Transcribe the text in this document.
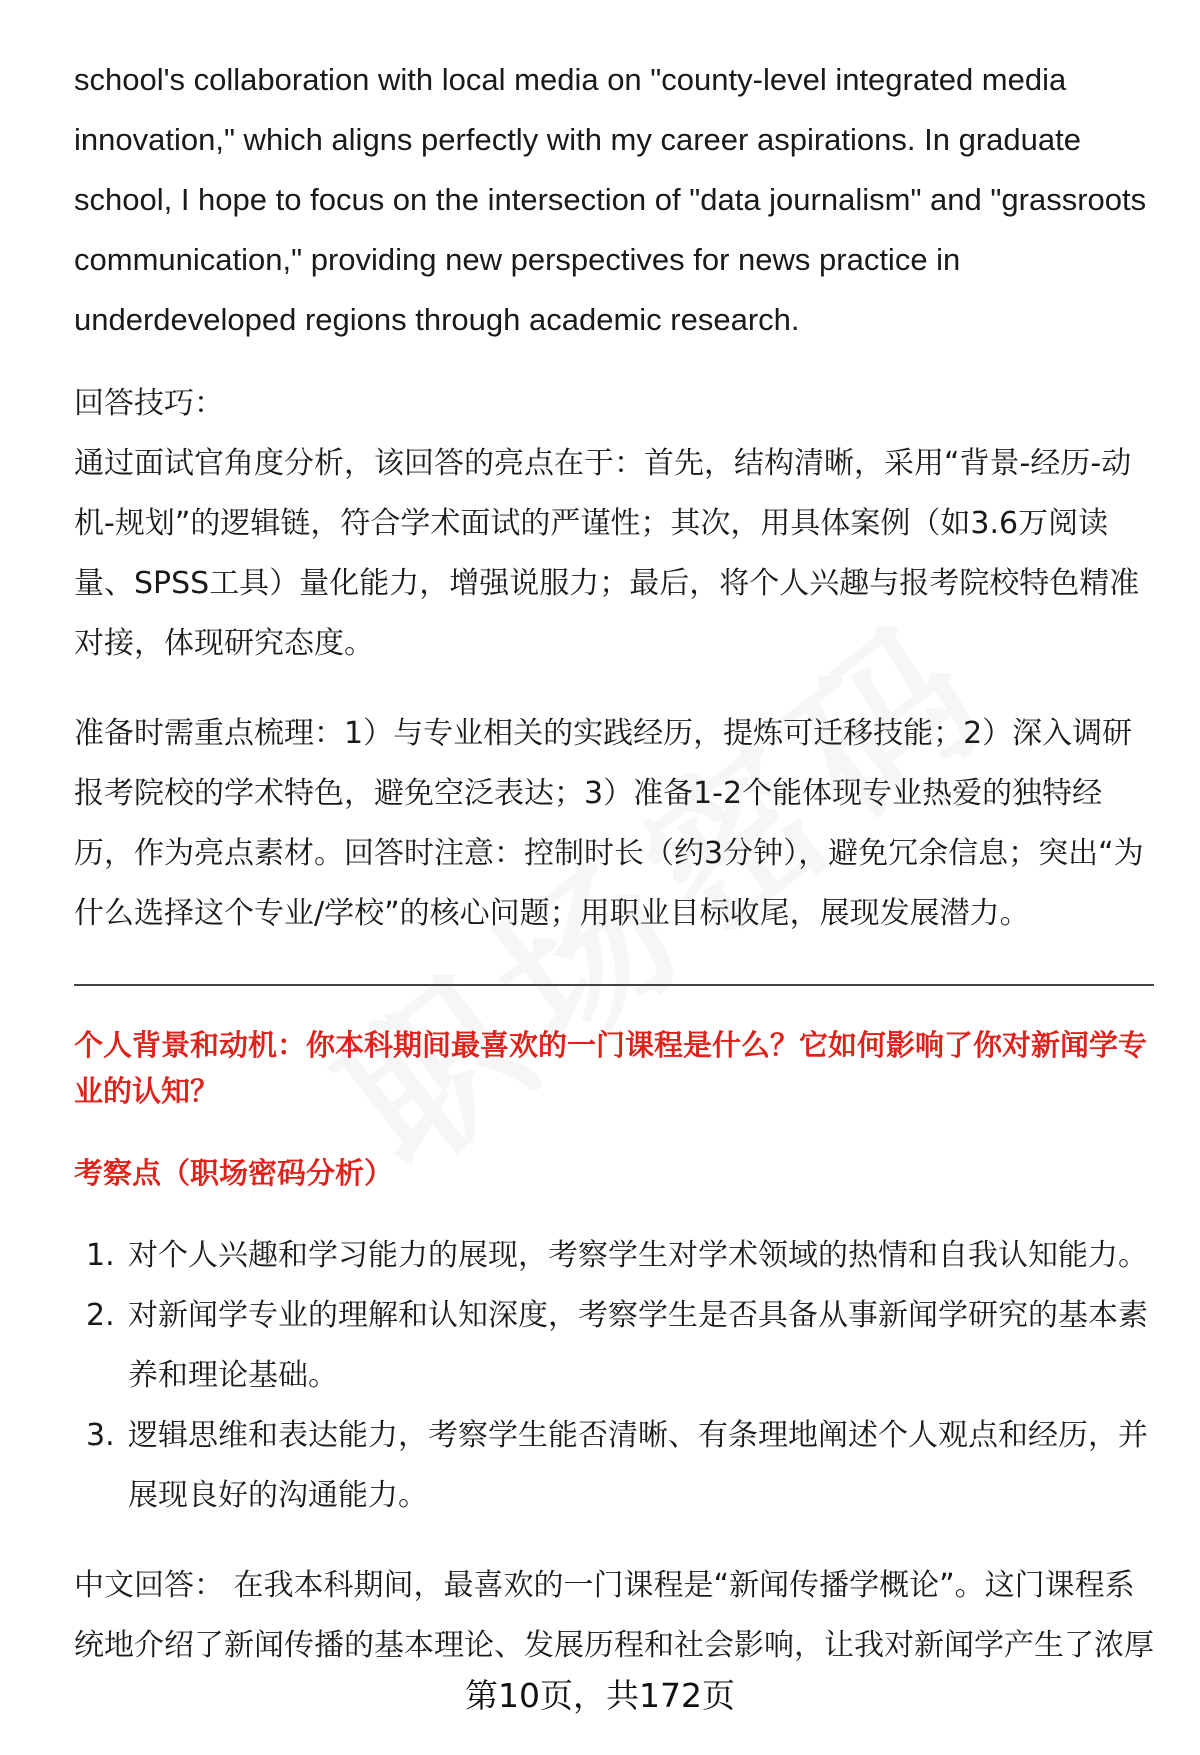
school's collaboration with local media on "county-level integrated media innovation," which aligns perfectly with my career aspirations. In graduate school, I hope to focus on the intersection of "data journalism" and "grassroots communication," providing new perspectives for news practice in underdeveloped regions through academic research.

回答技巧：

通过面试官角度分析，该回答的亮点在于：首先，结构清晰，采用“背景-经历-动机-规划”的逻辑链，符合学术面试的严谨性；其次，用具体案例（如3.6万阅读量、SPSS工具）量化能力，增强说服力；最后，将个人兴趣与报考院校特色精准对接，体现研究态度。

准备时需重点梳理：1）与专业相关的实践经历，提炼可迁移技能；2）深入调研报考院校的学术特色，避免空泛表达；3）准备1-2个能体现专业热爱的独特经历，作为亮点素材。回答时注意：控制时长（约3分钟），避免冗余信息；突出“为什么选择这个专业/学校”的核心问题；用职业目标收尾，展现发展潜力。

个人背景和动机：你本科期间最喜欢的一门课程是什么？它如何影响了你对新闻学专业的认知？

考察点（职场密码分析）

1. 对个人兴趣和学习能力的展现，考察学生对学术领域的热情和自我认知能力。
2. 对新闻学专业的理解和认知深度，考察学生是否具备从事新闻学研究的基本素养和理论基础。
3. 逻辑思维和表达能力，考察学生能否清晰、有条理地阐述个人观点和经历，并展现良好的沟通能力。

中文回答： 在我本科期间，最喜欢的一门课程是“新闻传播学概论”。这门课程系统地介绍了新闻传播的基本理论、发展历程和社会影响，让我对新闻学产生了浓厚

第10页，共172页
